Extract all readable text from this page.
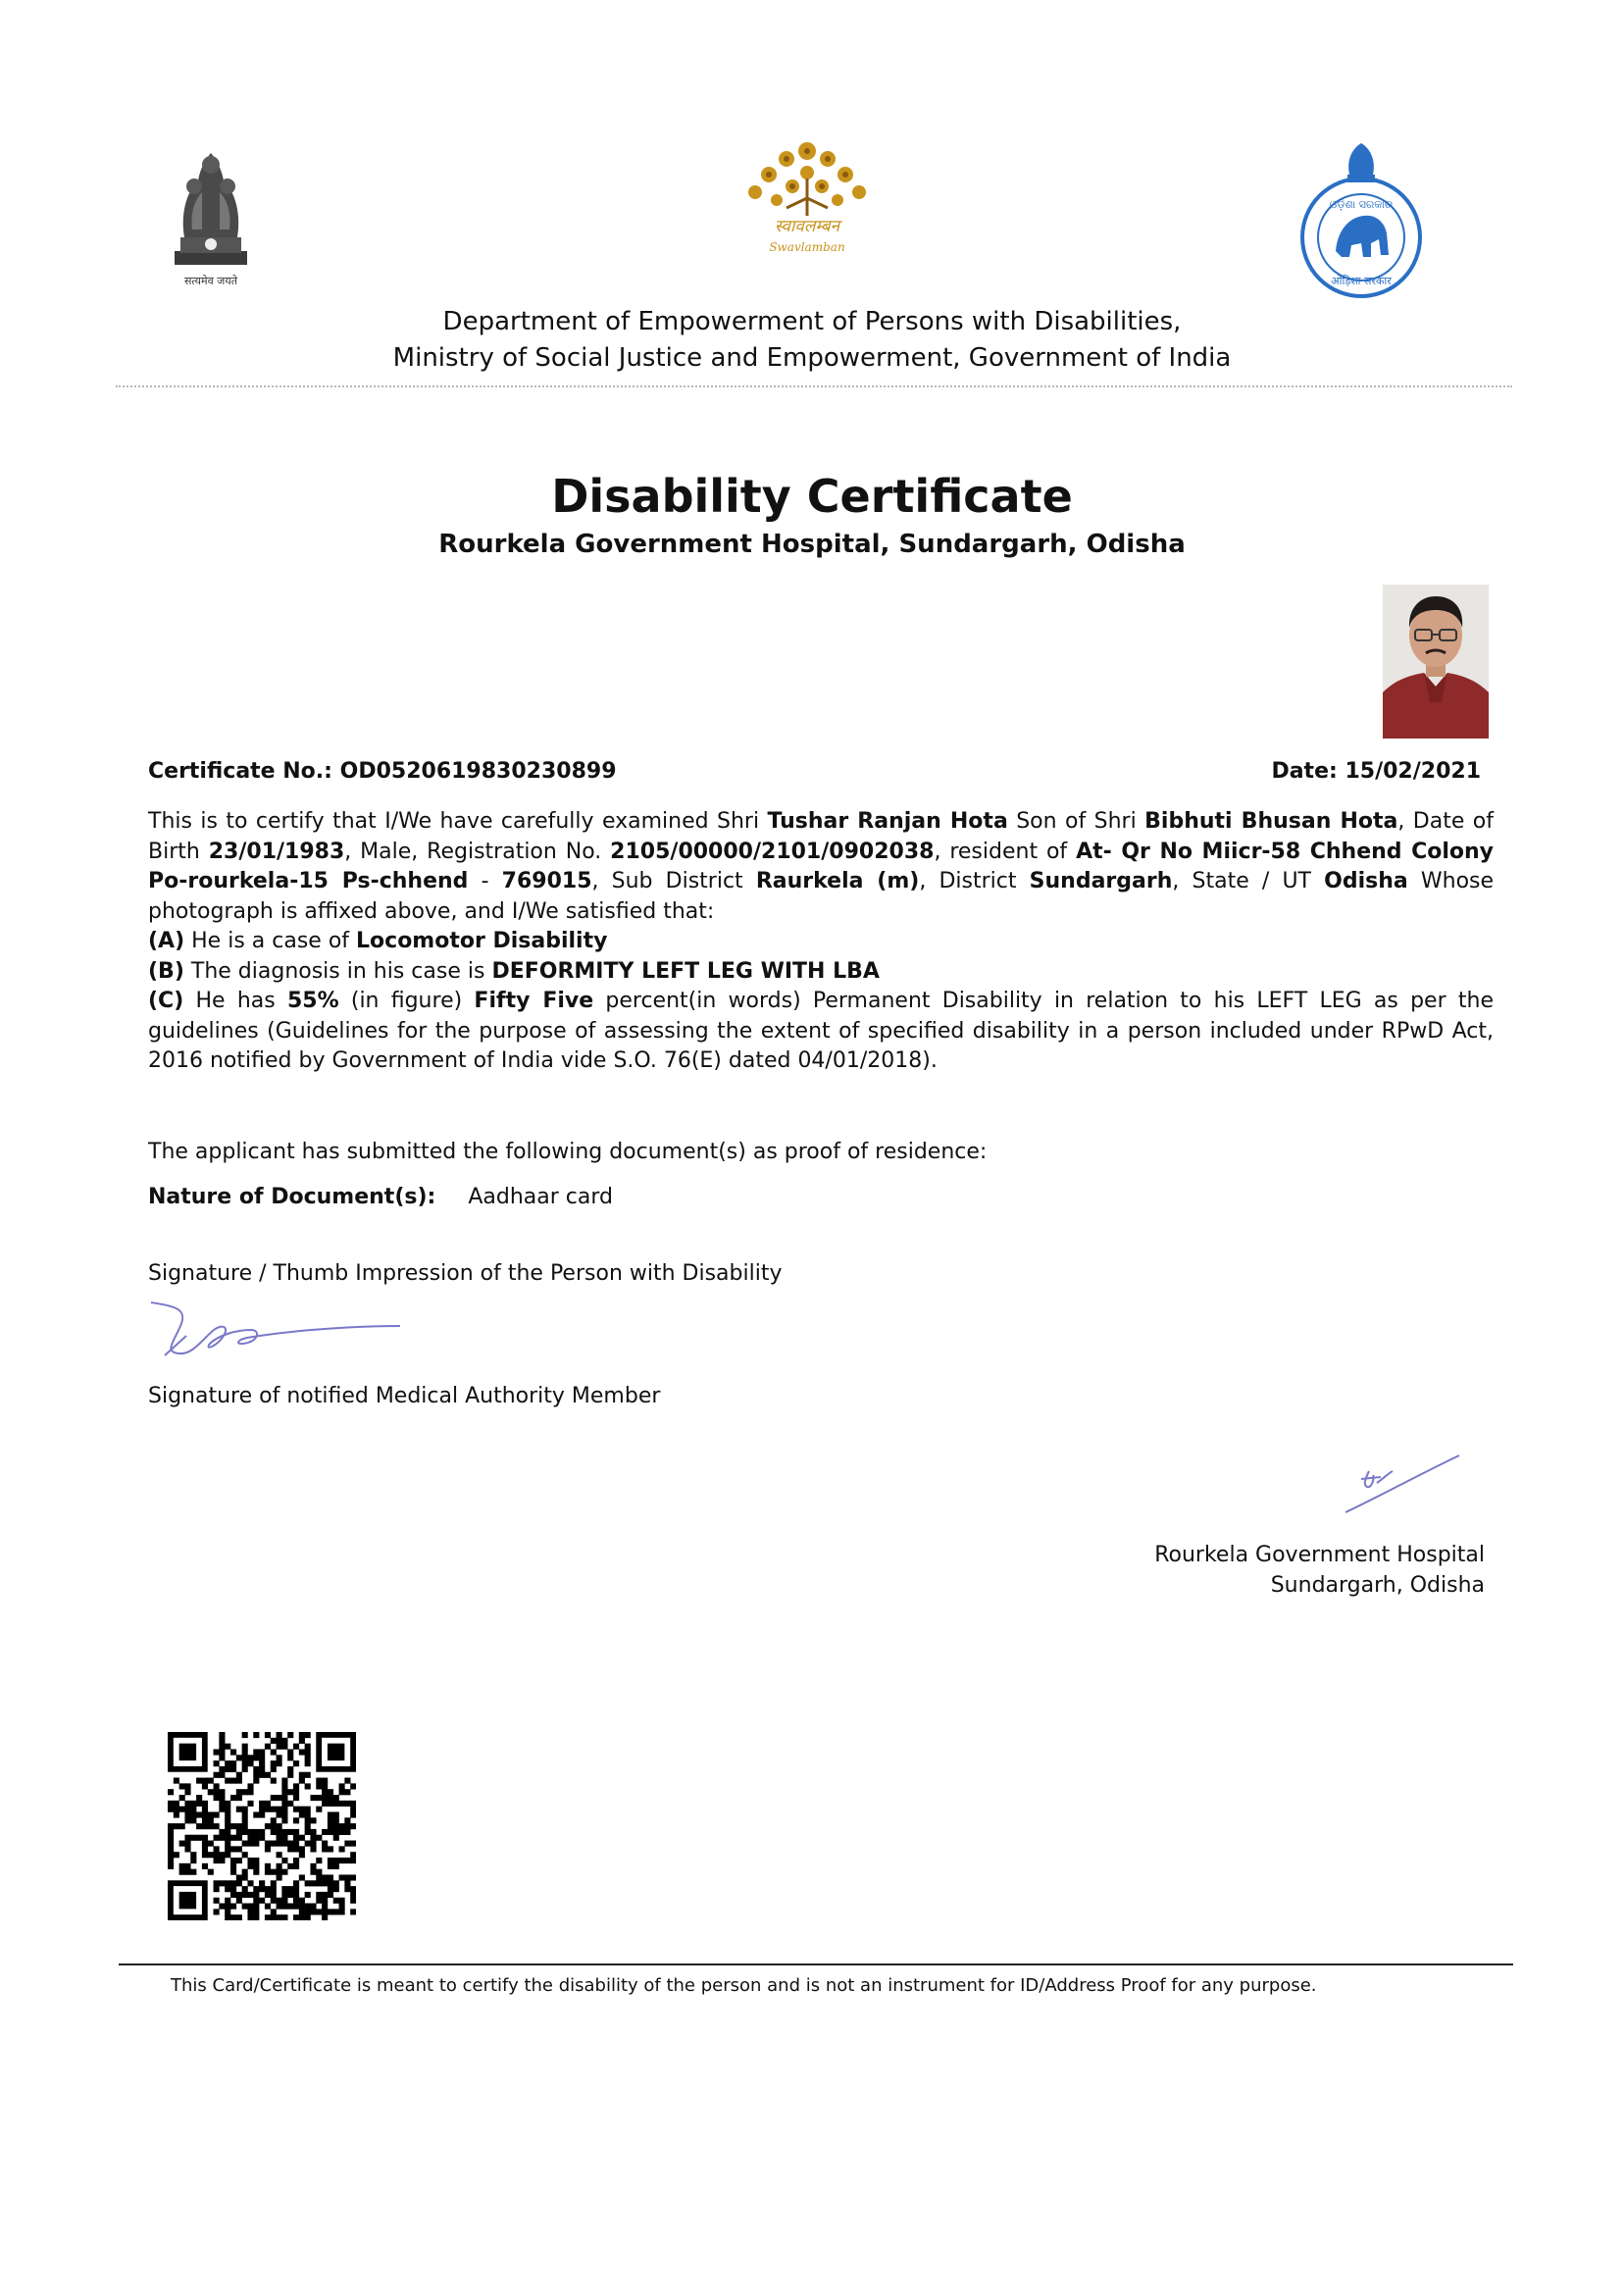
सत्यमेव जयते
स्वावलम्बन
Swavlamban
ଓଡ଼ିଶା ସରକାର
ओड़िशा सरकार
Department of Empowerment of Persons with Disabilities,
Ministry of Social Justice and Empowerment, Government of India
Disability Certificate
Rourkela Government Hospital, Sundargarh, Odisha
Certificate No.: OD0520619830230899	Date: 15/02/2021

This is to certify that I/We have carefully examined Shri Tushar Ranjan Hota Son of Shri Bibhuti Bhusan Hota, Date of Birth 23/01/1983, Male, Registration No. 2105/00000/2101/0902038, resident of At- Qr No Miicr-58 Chhend Colony Po-rourkela-15 Ps-chhend - 769015, Sub District Raurkela (m), District Sundargarh, State / UT Odisha Whose photograph is affixed above, and I/We satisfied that:

(A) He is a case of Locomotor Disability

(B) The diagnosis in his case is DEFORMITY LEFT LEG WITH LBA

(C) He has 55% (in figure) Fifty Five percent(in words) Permanent Disability in relation to his LEFT LEG as per the guidelines (Guidelines for the purpose of assessing the extent of specified disability in a person included under RPwD Act, 2016 notified by Government of India vide S.O. 76(E) dated 04/01/2018).

The applicant has submitted the following document(s) as proof of residence:
Nature of Document(s): Aadhaar card
Signature / Thumb Impression of the Person with Disability
Signature of notified Medical Authority Member
Rourkela Government Hospital
Sundargarh, Odisha
This Card/Certificate is meant to certify the disability of the person and is not an instrument for ID/Address Proof for any purpose.
